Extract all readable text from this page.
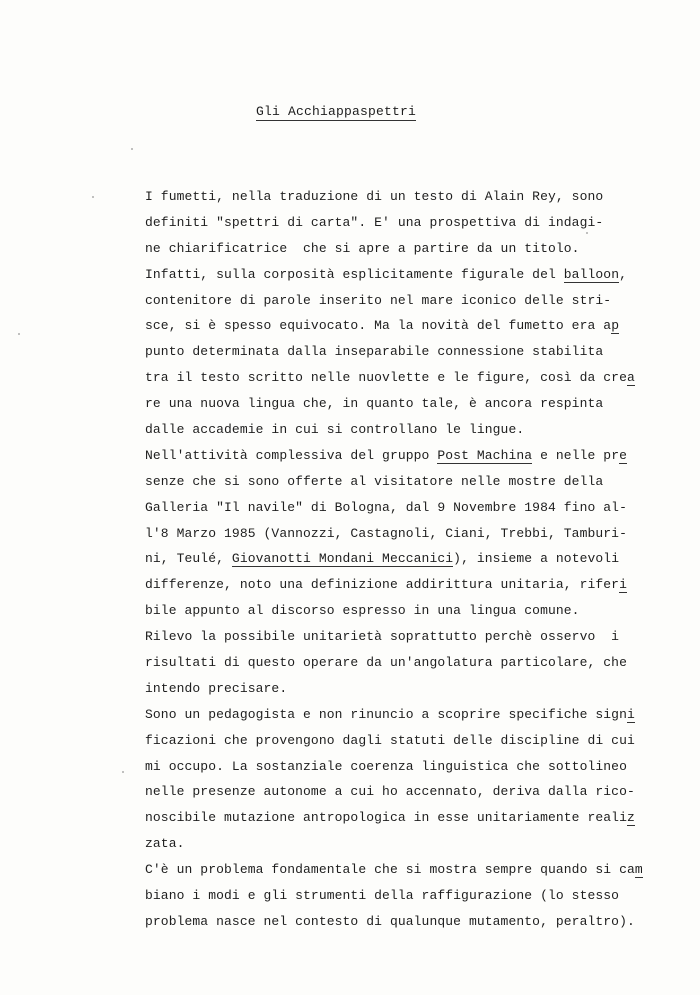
Gli Acchiappaspettri
I fumetti, nella traduzione di un testo di Alain Rey, sono
definiti "spettri di carta". E' una prospettiva di indagi-
ne chiarificatrice  che si apre a partire da un titolo.
Infatti, sulla corposità esplicitamente figurale del balloon,
contenitore di parole inserito nel mare iconico delle stri-
sce, si è spesso equivocato. Ma la novità del fumetto era ap
punto determinata dalla inseparabile connessione stabilita
tra il testo scritto nelle nuovlette e le figure, così da crea
re una nuova lingua che, in quanto tale, è ancora respinta
dalle accademie in cui si controllano le lingue.
Nell'attività complessiva del gruppo Post Machina e nelle pre
senze che si sono offerte al visitatore nelle mostre della
Galleria "Il navile" di Bologna, dal 9 Novembre 1984 fino al-
l'8 Marzo 1985 (Vannozzi, Castagnoli, Ciani, Trebbi, Tamburi-
ni, Teulé, Giovanotti Mondani Meccanici), insieme a notevoli
differenze, noto una definizione addirittura unitaria, riferi
bile appunto al discorso espresso in una lingua comune.
Rilevo la possibile unitarietà soprattutto perchè osservo  i
risultati di questo operare da un'angolatura particolare, che
intendo precisare.
Sono un pedagogista e non rinuncio a scoprire specifiche signi
ficazioni che provengono dagli statuti delle discipline di cui
mi occupo. La sostanziale coerenza linguistica che sottolineo
nelle presenze autonome a cui ho accennato, deriva dalla rico-
noscibile mutazione antropologica in esse unitariamente realiz
zata.
C'è un problema fondamentale che si mostra sempre quando si cam
biano i modi e gli strumenti della raffigurazione (lo stesso
problema nasce nel contesto di qualunque mutamento, peraltro).
